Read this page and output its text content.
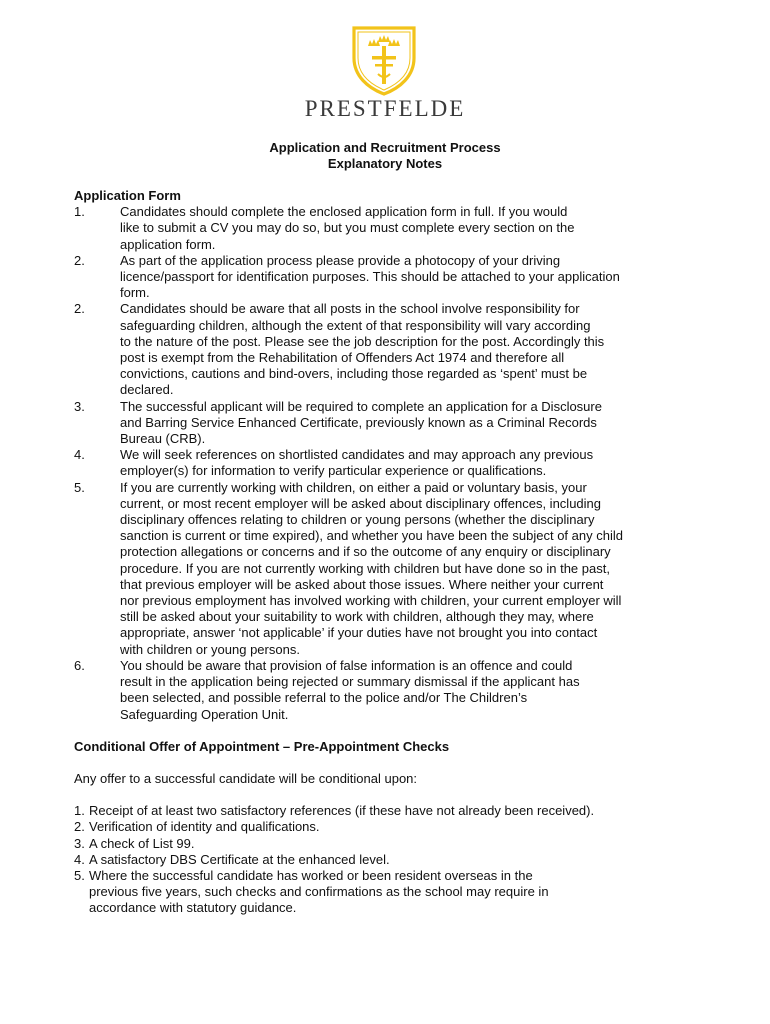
PRESTFELDE
Application and Recruitment Process
Explanatory Notes
Application Form
1.	Candidates should complete the enclosed application form in full. If you would
like to submit a CV you may do so, but you must complete every section on the
application form.
2.	As part of the application process please provide a photocopy of your driving
licence/passport for identification purposes. This should be attached to your application
form.
2.	Candidates should be aware that all posts in the school involve responsibility for
safeguarding children, although the extent of that responsibility will vary according
to the nature of the post. Please see the job description for the post. Accordingly this
post is exempt from the Rehabilitation of Offenders Act 1974 and therefore all
convictions, cautions and bind-overs, including those regarded as ‘spent’ must be
declared.
3.	The successful applicant will be required to complete an application for a Disclosure
and Barring Service Enhanced Certificate, previously known as a Criminal Records
Bureau (CRB).
4.	We will seek references on shortlisted candidates and may approach any previous
employer(s) for information to verify particular experience or qualifications.
5.	If you are currently working with children, on either a paid or voluntary basis, your
current, or most recent employer will be asked about disciplinary offences, including
disciplinary offences relating to children or young persons (whether the disciplinary
sanction is current or time expired), and whether you have been the subject of any child
protection allegations or concerns and if so the outcome of any enquiry or disciplinary
procedure. If you are not currently working with children but have done so in the past,
that previous employer will be asked about those issues. Where neither your current
nor previous employment has involved working with children, your current employer will
still be asked about your suitability to work with children, although they may, where
appropriate, answer ‘not applicable’ if your duties have not brought you into contact
with children or young persons.
6.	You should be aware that provision of false information is an offence and could
result in the application being rejected or summary dismissal if the applicant has
been selected, and possible referral to the police and/or The Children’s
Safeguarding Operation Unit.
Conditional Offer of Appointment – Pre-Appointment Checks
Any offer to a successful candidate will be conditional upon:
1. Receipt of at least two satisfactory references (if these have not already been received).
2. Verification of identity and qualifications.
3. A check of List 99.
4. A satisfactory DBS Certificate at the enhanced level.
5. Where the successful candidate has worked or been resident overseas in the
previous five years, such checks and confirmations as the school may require in
accordance with statutory guidance.
